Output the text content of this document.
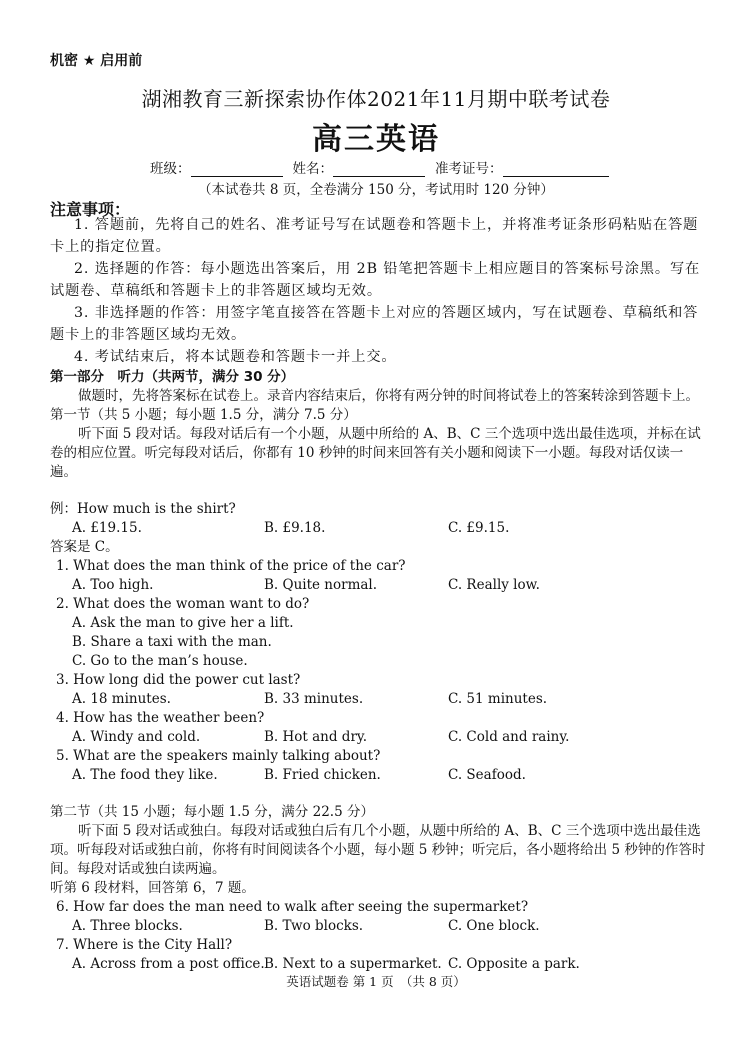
机密 ★ 启用前
湖湘教育三新探索协作体2021年11月期中联考试卷
高三英语
班级：	姓名：	准考证号：
（本试卷共 8 页，全卷满分 150 分，考试用时 120 分钟）
注意事项：

1. 答题前，先将自己的姓名、准考证号写在试题卷和答题卡上，并将准考证条形码粘贴在答题卡上的指定位置。

2. 选择题的作答：每小题选出答案后，用 2B 铅笔把答题卡上相应题目的答案标号涂黑。写在试题卷、草稿纸和答题卡上的非答题区域均无效。

3. 非选择题的作答：用签字笔直接答在答题卡上对应的答题区域内，写在试题卷、草稿纸和答题卡上的非答题区域均无效。

4. 考试结束后，将本试题卷和答题卡一并上交。

第一部分　听力（共两节，满分 30 分）

做题时，先将答案标在试卷上。录音内容结束后，你将有两分钟的时间将试卷上的答案转涂到答题卡上。

第一节（共 5 小题；每小题 1.5 分，满分 7.5 分）

听下面 5 段对话。每段对话后有一个小题，从题中所给的 A、B、C 三个选项中选出最佳选项，并标在试卷的相应位置。听完每段对话后，你都有 10 秒钟的时间来回答有关小题和阅读下一小题。每段对话仅读一遍。

例：How much is the shirt?
A. £19.15.	B. £9.18.	C. £9.15.
答案是 C。
1. What does the man think of the price of the car?
A. Too high.	B. Quite normal.	C. Really low.
2. What does the woman want to do?
A. Ask the man to give her a lift.
B. Share a taxi with the man.
C. Go to the man’s house.
3. How long did the power cut last?
A. 18 minutes.	B. 33 minutes.	C. 51 minutes.
4. How has the weather been?
A. Windy and cold.	B. Hot and dry.	C. Cold and rainy.
5. What are the speakers mainly talking about?
A. The food they like.	B. Fried chicken.	C. Seafood.

第二节（共 15 小题；每小题 1.5 分，满分 22.5 分）

听下面 5 段对话或独白。每段对话或独白后有几个小题，从题中所给的 A、B、C 三个选项中选出最佳选项。听每段对话或独白前，你将有时间阅读各个小题，每小题 5 秒钟；听完后，各小题将给出 5 秒钟的作答时间。每段对话或独白读两遍。

听第 6 段材料，回答第 6，7 题。

6. How far does the man need to walk after seeing the supermarket?
A. Three blocks.	B. Two blocks.	C. One block.
7. Where is the City Hall?
A. Across from a post office. B. Next to a supermarket. C. Opposite a park.
英语试题卷 第 1 页　（共 8 页）
